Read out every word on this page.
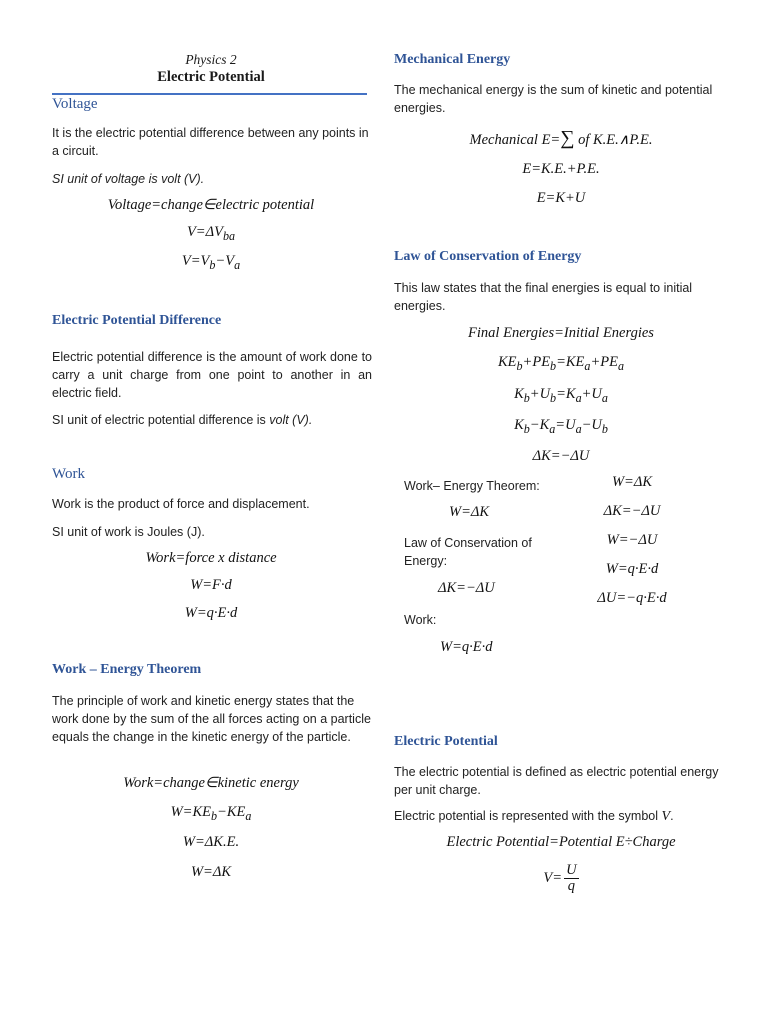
Physics 2
Electric Potential
Voltage
It is the electric potential difference between any points in a circuit.
SI unit of voltage is volt (V).
Voltage=change∈electric potential
$V=\Delta V_{ba}$
$V=V_b-V_a$
Electric Potential Difference
Electric potential difference is the amount of work done to carry a unit charge from one point to another in an electric field.
SI unit of electric potential difference is volt (V).
Work
Work is the product of force and displacement.
SI unit of work is Joules (J).
Work=force x distance
W=F·d
W=q·E·d
Work – Energy Theorem
The principle of work and kinetic energy states that the work done by the sum of the all forces acting on a particle equals the change in the kinetic energy of the particle.
Work=change∈kinetic energy
$W=KE_b-KE_a$
W=ΔK.E.
W=ΔK
Mechanical Energy
The mechanical energy is the sum of kinetic and potential energies.
Mechanical E=∑ of K.E.∧P.E.
E=K.E.+P.E.
E=K+U
Law of Conservation of Energy
This law states that the final energies is equal to initial energies.
Final Energies=Initial Energies
$KE_b+PE_b=KE_a+PE_a$
$K_b+U_b=K_a+U_a$
$K_b-K_a=U_a-U_b$
ΔK=−ΔU
Work– Energy Theorem:
W=ΔK
Law of Conservation of Energy:
ΔK=−ΔU
Work:
W=q·E·d
W=ΔK
ΔK=−ΔU
W=−ΔU
W=q·E·d
ΔU=−q·E·d
Electric Potential
The electric potential is defined as electric potential energy per unit charge.
Electric potential is represented with the symbol V.
Electric Potential=Potential E÷Charge
$V= \frac{U}{q}$
